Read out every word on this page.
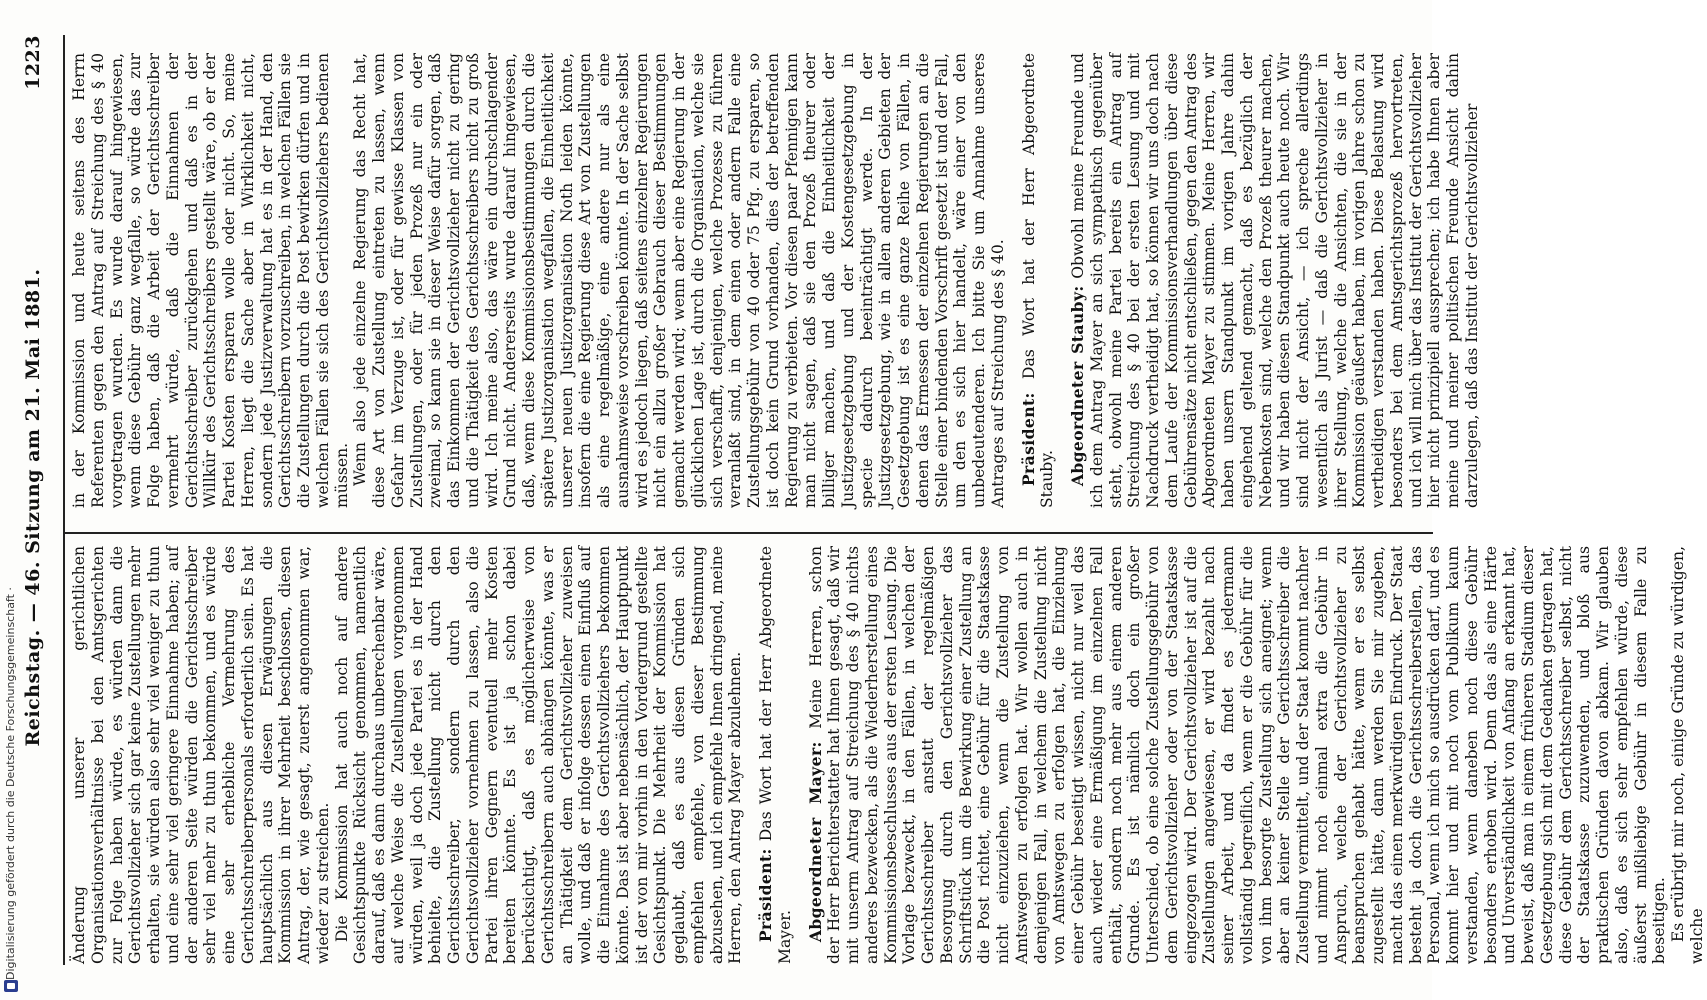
Reichstag. — 46. Sitzung am 21. Mai 1881.
1223 in der Kommission und heute seitens des Herrn Referenten gegen den Antrag auf Streichung des § 40 vorgetragen wurden. Es wurde darauf hingewiesen, wenn diese Gebühr ganz wegfalle, so würde das zur Folge haben, daß die Arbeit der Gerichtsschreiber vermehrt würde, daß die Einnahmen der Gerichtsschreiber zurückgehen und daß es in der Willkür des Gerichtsschreibers gestellt wäre, ob er der Partei Kosten ersparen wolle oder nicht. So, meine Herren, liegt die Sache aber in Wirklichkeit nicht, sondern jede Justizverwaltung hat es in der Hand, den Gerichtsschreibern vorzuschreiben, in welchen Fällen sie die Zustellungen durch die Post bewirken dürfen und in welchen Fällen sie sich des Gerichtsvollziehers bedienen müssen. Wenn also jede einzelne Regierung das Recht hat, diese Art von Zustellung eintreten zu lassen, wenn Gefahr im Verzuge ist, oder für gewisse Klassen von Zustellungen, oder für jeden Prozeß nur ein oder zweimal, so kann sie in dieser Weise dafür sorgen, daß das Einkommen der Gerichtsvollzieher nicht zu gering und die Thätigkeit des Gerichtsschreibers nicht zu groß wird. Ich meine also, das wäre ein durchschlagender Grund nicht. Andererseits wurde darauf hingewiesen, daß, wenn diese Kommissionsbestimmungen durch die spätere Justizorganisation wegfallen, die Einheitlichkeit unserer neuen Justizorganisation Noth leiden könnte, insofern die eine Regierung diese Art von Zustellungen als eine regelmäßige, eine andere nur als eine ausnahmsweise vorschreiben könnte. In der Sache selbst wird es jedoch liegen, daß seitens einzelner Regierungen nicht ein allzu großer Gebrauch dieser Bestimmungen gemacht werden wird; wenn aber eine Regierung in der glücklichen Lage ist, durch die Organisation, welche sie sich verschafft, denjenigen, welche Prozesse zu führen veranlaßt sind, in dem einen oder andern Falle eine Zustellungsgebühr von 40 oder 75 Pfg. zu ersparen, so ist doch kein Grund vorhanden, dies der betreffenden Regierung zu verbieten. Vor diesen paar Pfennigen kann man nicht sagen, daß sie den Prozeß theurer oder billiger machen, und daß die Einheitlichkeit der Justizgesetzgebung und der Kostengesetzgebung in specie dadurch beeinträchtigt werde. In der Justizgesetzgebung, wie in allen anderen Gebieten der Gesetzgebung ist es eine ganze Reihe von Fällen, in denen das Ermessen der einzelnen Regierungen an die Stelle einer bindenden Vorschrift gesetzt ist und der Fall, um den es sich hier handelt, wäre einer von den unbedeutenderen. Ich bitte Sie um Annahme unseres Antrages auf Streichung des § 40. Präsident: Das Wort hat der Herr Abgeordnete Stauby. Abgeordneter Stauby: Obwohl meine Freunde und ich dem Antrag Mayer an sich sympathisch gegenüber steht, obwohl meine Partei bereits ein Antrag auf Streichung des § 40 bei der ersten Lesung und mit Nachdruck vertheidigt hat, so können wir uns doch nach dem Laufe der Kommissionsverhandlungen über diese Gebührensätze nicht entschließen, gegen den Antrag des Abgeordneten Mayer zu stimmen. Meine Herren, wir haben unsern Standpunkt im vorigen Jahre dahin eingehend geltend gemacht, daß es bezüglich der Nebenkosten sind, welche den Prozeß theurer machen, und wir haben diesen Standpunkt auch heute noch. Wir sind nicht der Ansicht, — ich spreche allerdings wesentlich als Jurist — daß die Gerichtsvollzieher in ihrer Stellung, welche die Ansichten, die sie in der Kommission geäußert haben, im vorigen Jahre schon zu vertheidigen verstanden haben. Diese Belastung wird besonders bei dem Amtsgerichtsprozeß hervortreten, und ich will mich über das Institut der Gerichtsvollzieher hier nicht prinzipiell aussprechen; ich habe Ihnen aber meine und meiner politischen Freunde Ansicht dahin darzulegen, daß das Institut der Gerichtsvollzieher

Änderung unserer gerichtlichen Organisationsverhältnisse bei den Amtsgerichten zur Folge haben würde, es würden dann die Gerichtsvollzieher sich gar keine Zustellungen mehr erhalten, sie würden also sehr viel weniger zu thun und eine sehr viel geringere Einnahme haben; auf der anderen Seite würden die Gerichtsschreiber sehr viel mehr zu thun bekommen, und es würde eine sehr erhebliche Vermehrung des Gerichtsschreiberpersonals erforderlich sein. Es hat hauptsächlich aus diesen Erwägungen die Kommission in ihrer Mehrheit beschlossen, diesen Antrag, der, wie gesagt, zuerst angenommen war, wieder zu streichen. Die Kommission hat auch noch auf andere Gesichtspunkte Rücksicht genommen, namentlich darauf, daß es dann durchaus unberechenbar wäre, auf welche Weise die Zustellungen vorgenommen würden, weil ja doch jede Partei es in der Hand behielte, die Zustellung nicht durch den Gerichtsschreiber, sondern durch den Gerichtsvollzieher vornehmen zu lassen, also die Partei ihren Gegnern eventuell mehr Kosten bereiten könnte. Es ist ja schon dabei berücksichtigt, daß es möglicherweise von Gerichtsschreibern auch abhängen könnte, was er an Thätigkeit dem Gerichtsvollzieher zuweisen wolle, und daß er infolge dessen einen Einfluß auf die Einnahme des Gerichtsvollziehers bekommen könnte. Das ist aber nebensächlich, der Hauptpunkt ist der von mir vorhin in den Vordergrund gestellte Gesichtspunkt. Die Mehrheit der Kommission hat geglaubt, daß es aus diesen Gründen sich empfehlen empfehle, von dieser Bestimmung abzusehen, und ich empfehle Ihnen dringend, meine Herren, den Antrag Mayer abzulehnen. Präsident: Das Wort hat der Herr Abgeordnete Mayer. Abgeordneter Mayer: Meine Herren, schon der Herr Berichterstatter hat Ihnen gesagt, daß wir mit unserm Antrag auf Streichung des § 40 nichts anderes bezwecken, als die Wiederherstellung eines Kommissionsbeschlusses aus der ersten Lesung. Die Vorlage bezweckt, in den Fällen, in welchen der Gerichtsschreiber anstatt der regelmäßigen Besorgung durch den Gerichtsvollzieher das Schriftstück um die Bewirkung einer Zustellung an die Post richtet, eine Gebühr für die Staatskasse nicht einzuziehen, wenn die Zustellung von Amtswegen zu erfolgen hat. Wir wollen auch in demjenigen Fall, in welchem die Zustellung nicht von Amtswegen zu erfolgen hat, die Einziehung einer Gebühr beseitigt wissen, nicht nur weil das auch wieder eine Ermäßigung im einzelnen Fall enthält, sondern noch mehr aus einem anderen Grunde. Es ist nämlich doch ein großer Unterschied, ob eine solche Zustellungsgebühr von dem Gerichtsvollzieher oder von der Staatskasse eingezogen wird. Der Gerichtsvollzieher ist auf die Zustellungen angewiesen, er wird bezahlt nach seiner Arbeit, und da findet es jedermann vollständig begreiflich, wenn er die Gebühr für die von ihm besorgte Zustellung sich aneignet; wenn aber an keiner Stelle der Gerichtsschreiber die Zustellung vermittelt, und der Staat kommt nachher und nimmt noch einmal extra die Gebühr in Anspruch, welche der Gerichtsvollzieher zu beanspruchen gehabt hätte, wenn er es selbst zugestellt hätte, dann werden Sie mir zugeben, macht das einen merkwürdigen Eindruck. Der Staat besteht ja doch die Gerichtsschreiberstellen, das Personal, wenn ich mich so ausdrücken darf, und es kommt hier und mit noch vom Publikum kaum verstanden, wenn daneben noch diese Gebühr besonders erhoben wird. Denn das als eine Härte und Unverständlichkeit von Anfang an erkannt hat, beweist, daß man in einem früheren Stadium dieser Gesetzgebung sich mit dem Gedanken getragen hat, diese Gebühr dem Gerichtsschreiber selbst, nicht der Staatskasse zuzuwenden, und bloß aus praktischen Gründen davon abkam. Wir glauben also, daß es sich sehr empfehlen würde, diese äußerst mißliebige Gebühr in diesem Falle zu beseitigen. Es erübrigt mir noch, einige Gründe zu würdigen, welche

Digitalisierung gefördert durch die Deutsche Forschungsgemeinschaft ·
